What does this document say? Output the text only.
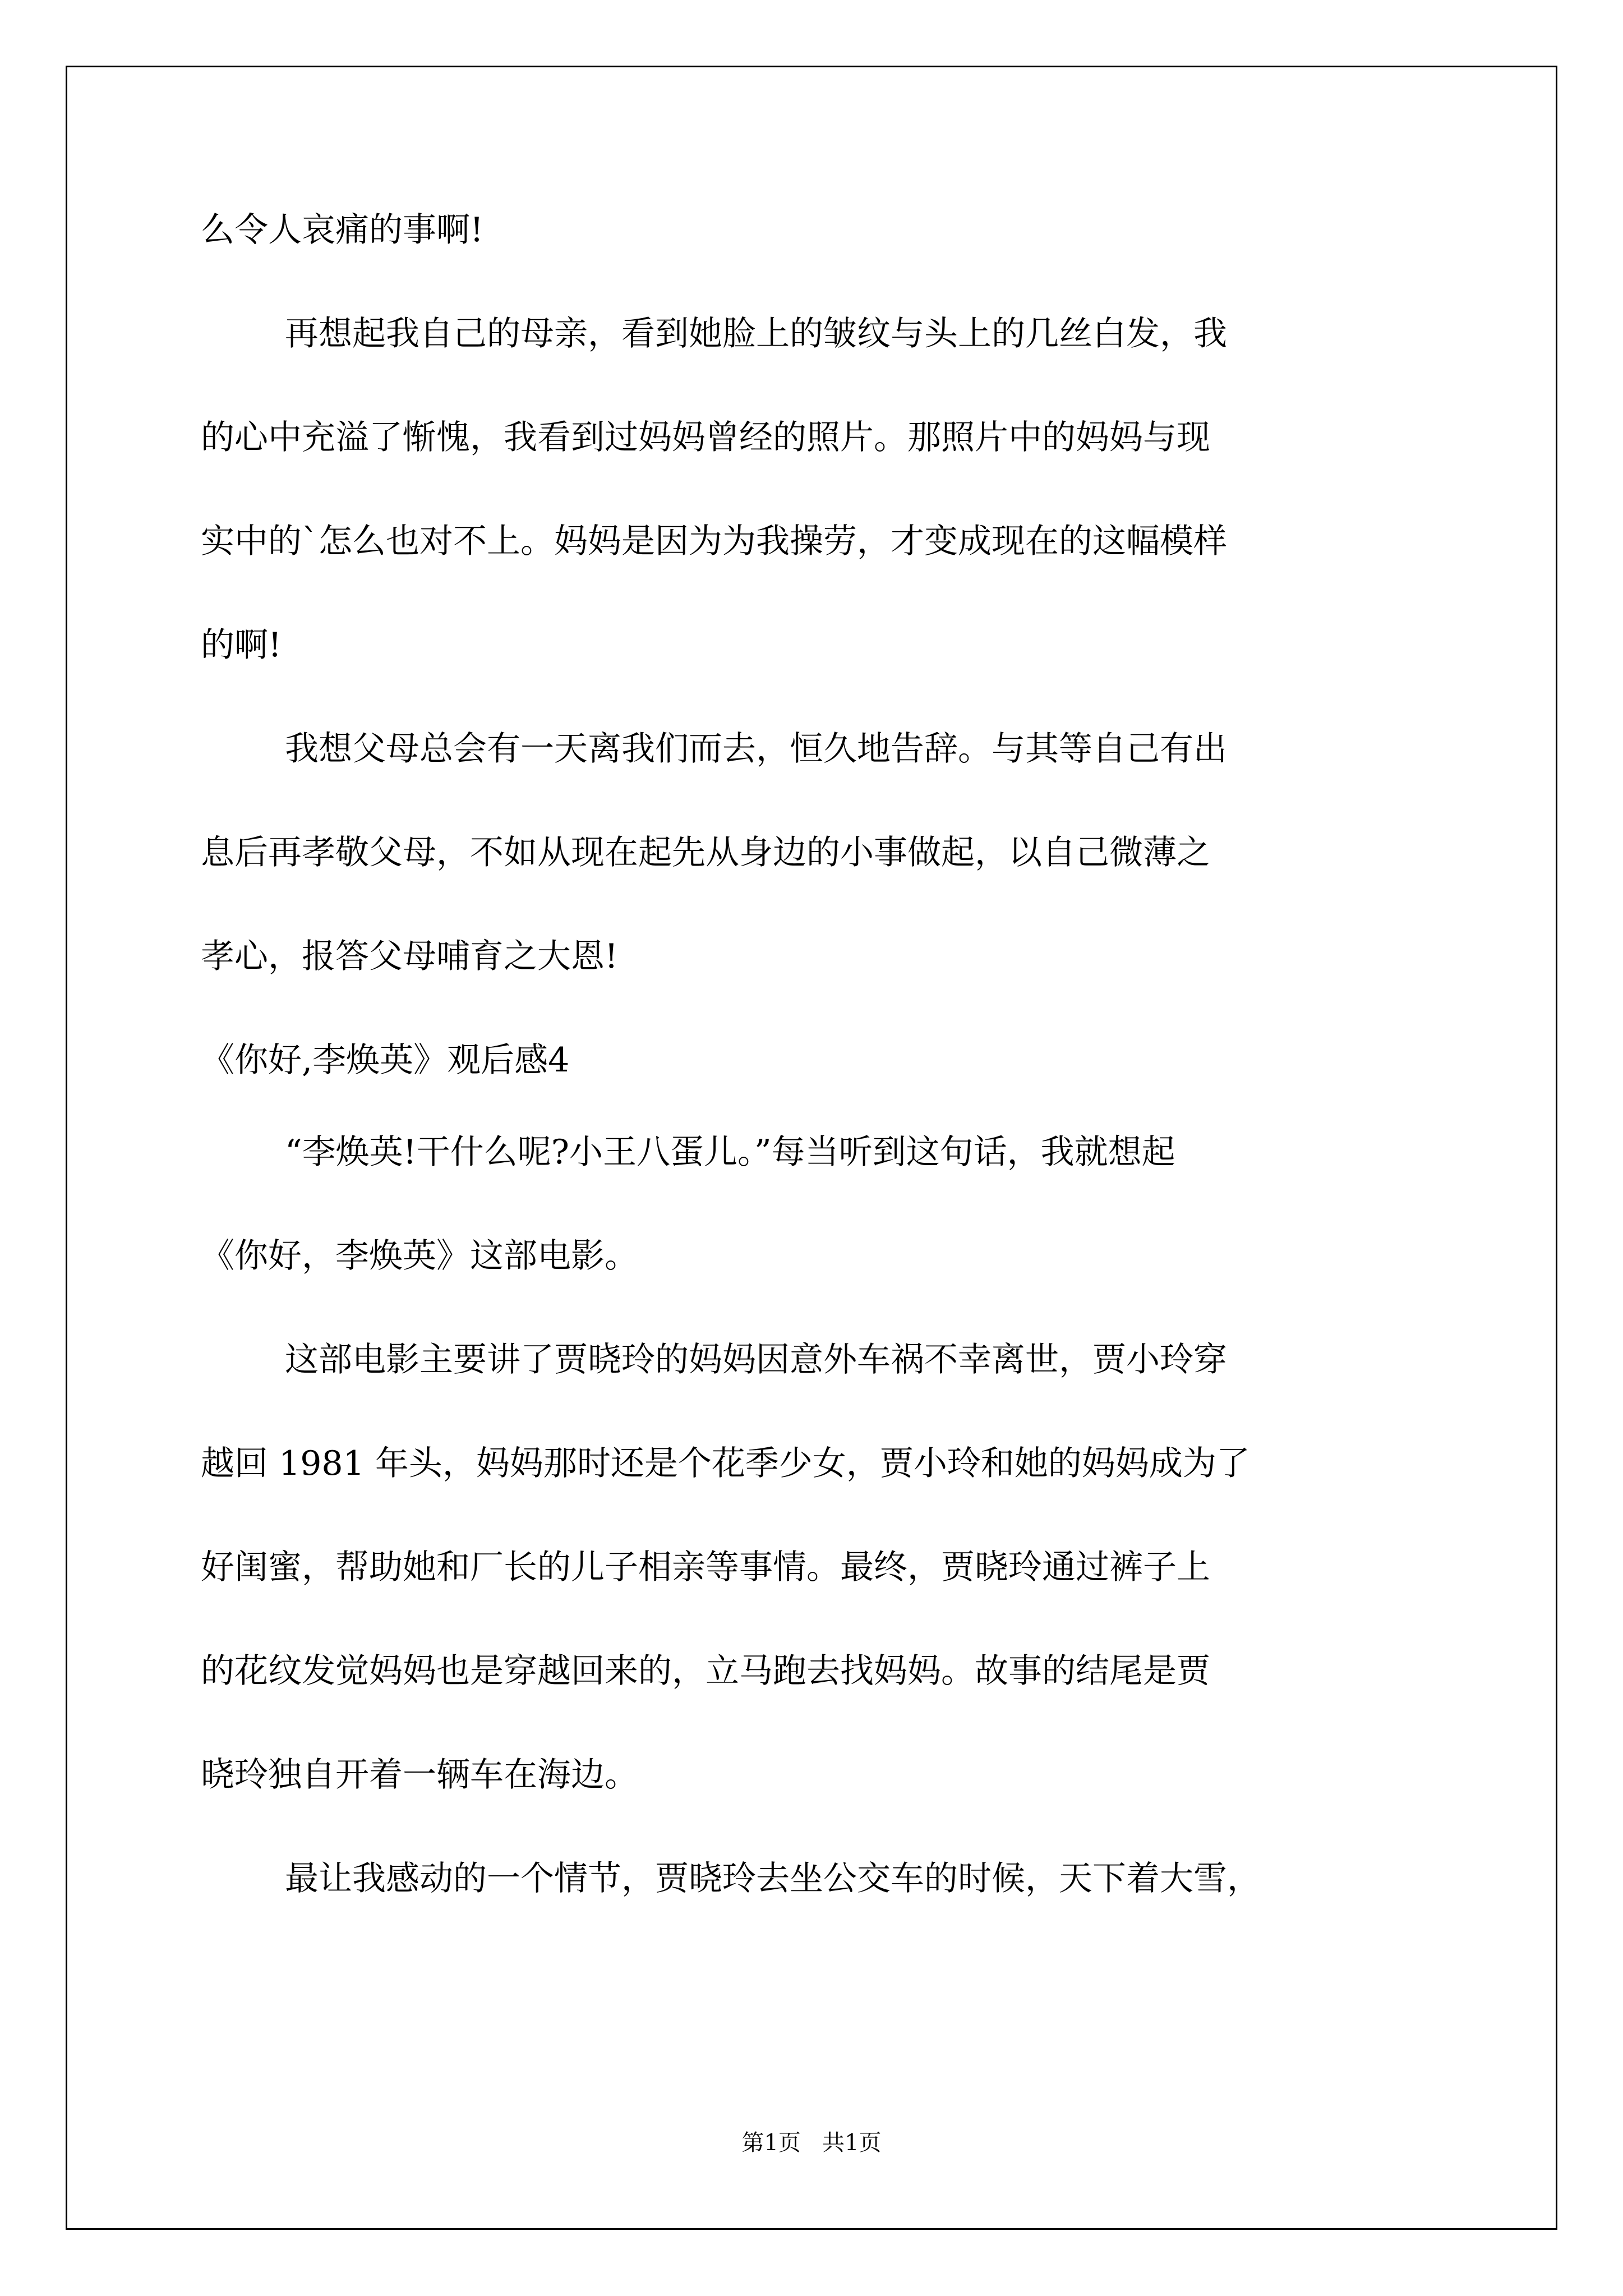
么令人哀痛的事啊!
再想起我自己的母亲，看到她脸上的皱纹与头上的几丝白发，我
的心中充溢了惭愧，我看到过妈妈曾经的照片。那照片中的妈妈与现
实中的`怎么也对不上。妈妈是因为为我操劳，才变成现在的这幅模样
的啊!
我想父母总会有一天离我们而去，恒久地告辞。与其等自己有出
息后再孝敬父母，不如从现在起先从身边的小事做起，以自己微薄之
孝心，报答父母哺育之大恩!
《你好,李焕英》观后感4
“李焕英!干什么呢?小王八蛋儿。”每当听到这句话，我就想起
《你好，李焕英》这部电影。
这部电影主要讲了贾晓玲的妈妈因意外车祸不幸离世，贾小玲穿
越回 1981 年头，妈妈那时还是个花季少女，贾小玲和她的妈妈成为了
好闺蜜，帮助她和厂长的儿子相亲等事情。最终，贾晓玲通过裤子上
的花纹发觉妈妈也是穿越回来的，立马跑去找妈妈。故事的结尾是贾
晓玲独自开着一辆车在海边。
最让我感动的一个情节，贾晓玲去坐公交车的时候，天下着大雪，
第1页   共1页
